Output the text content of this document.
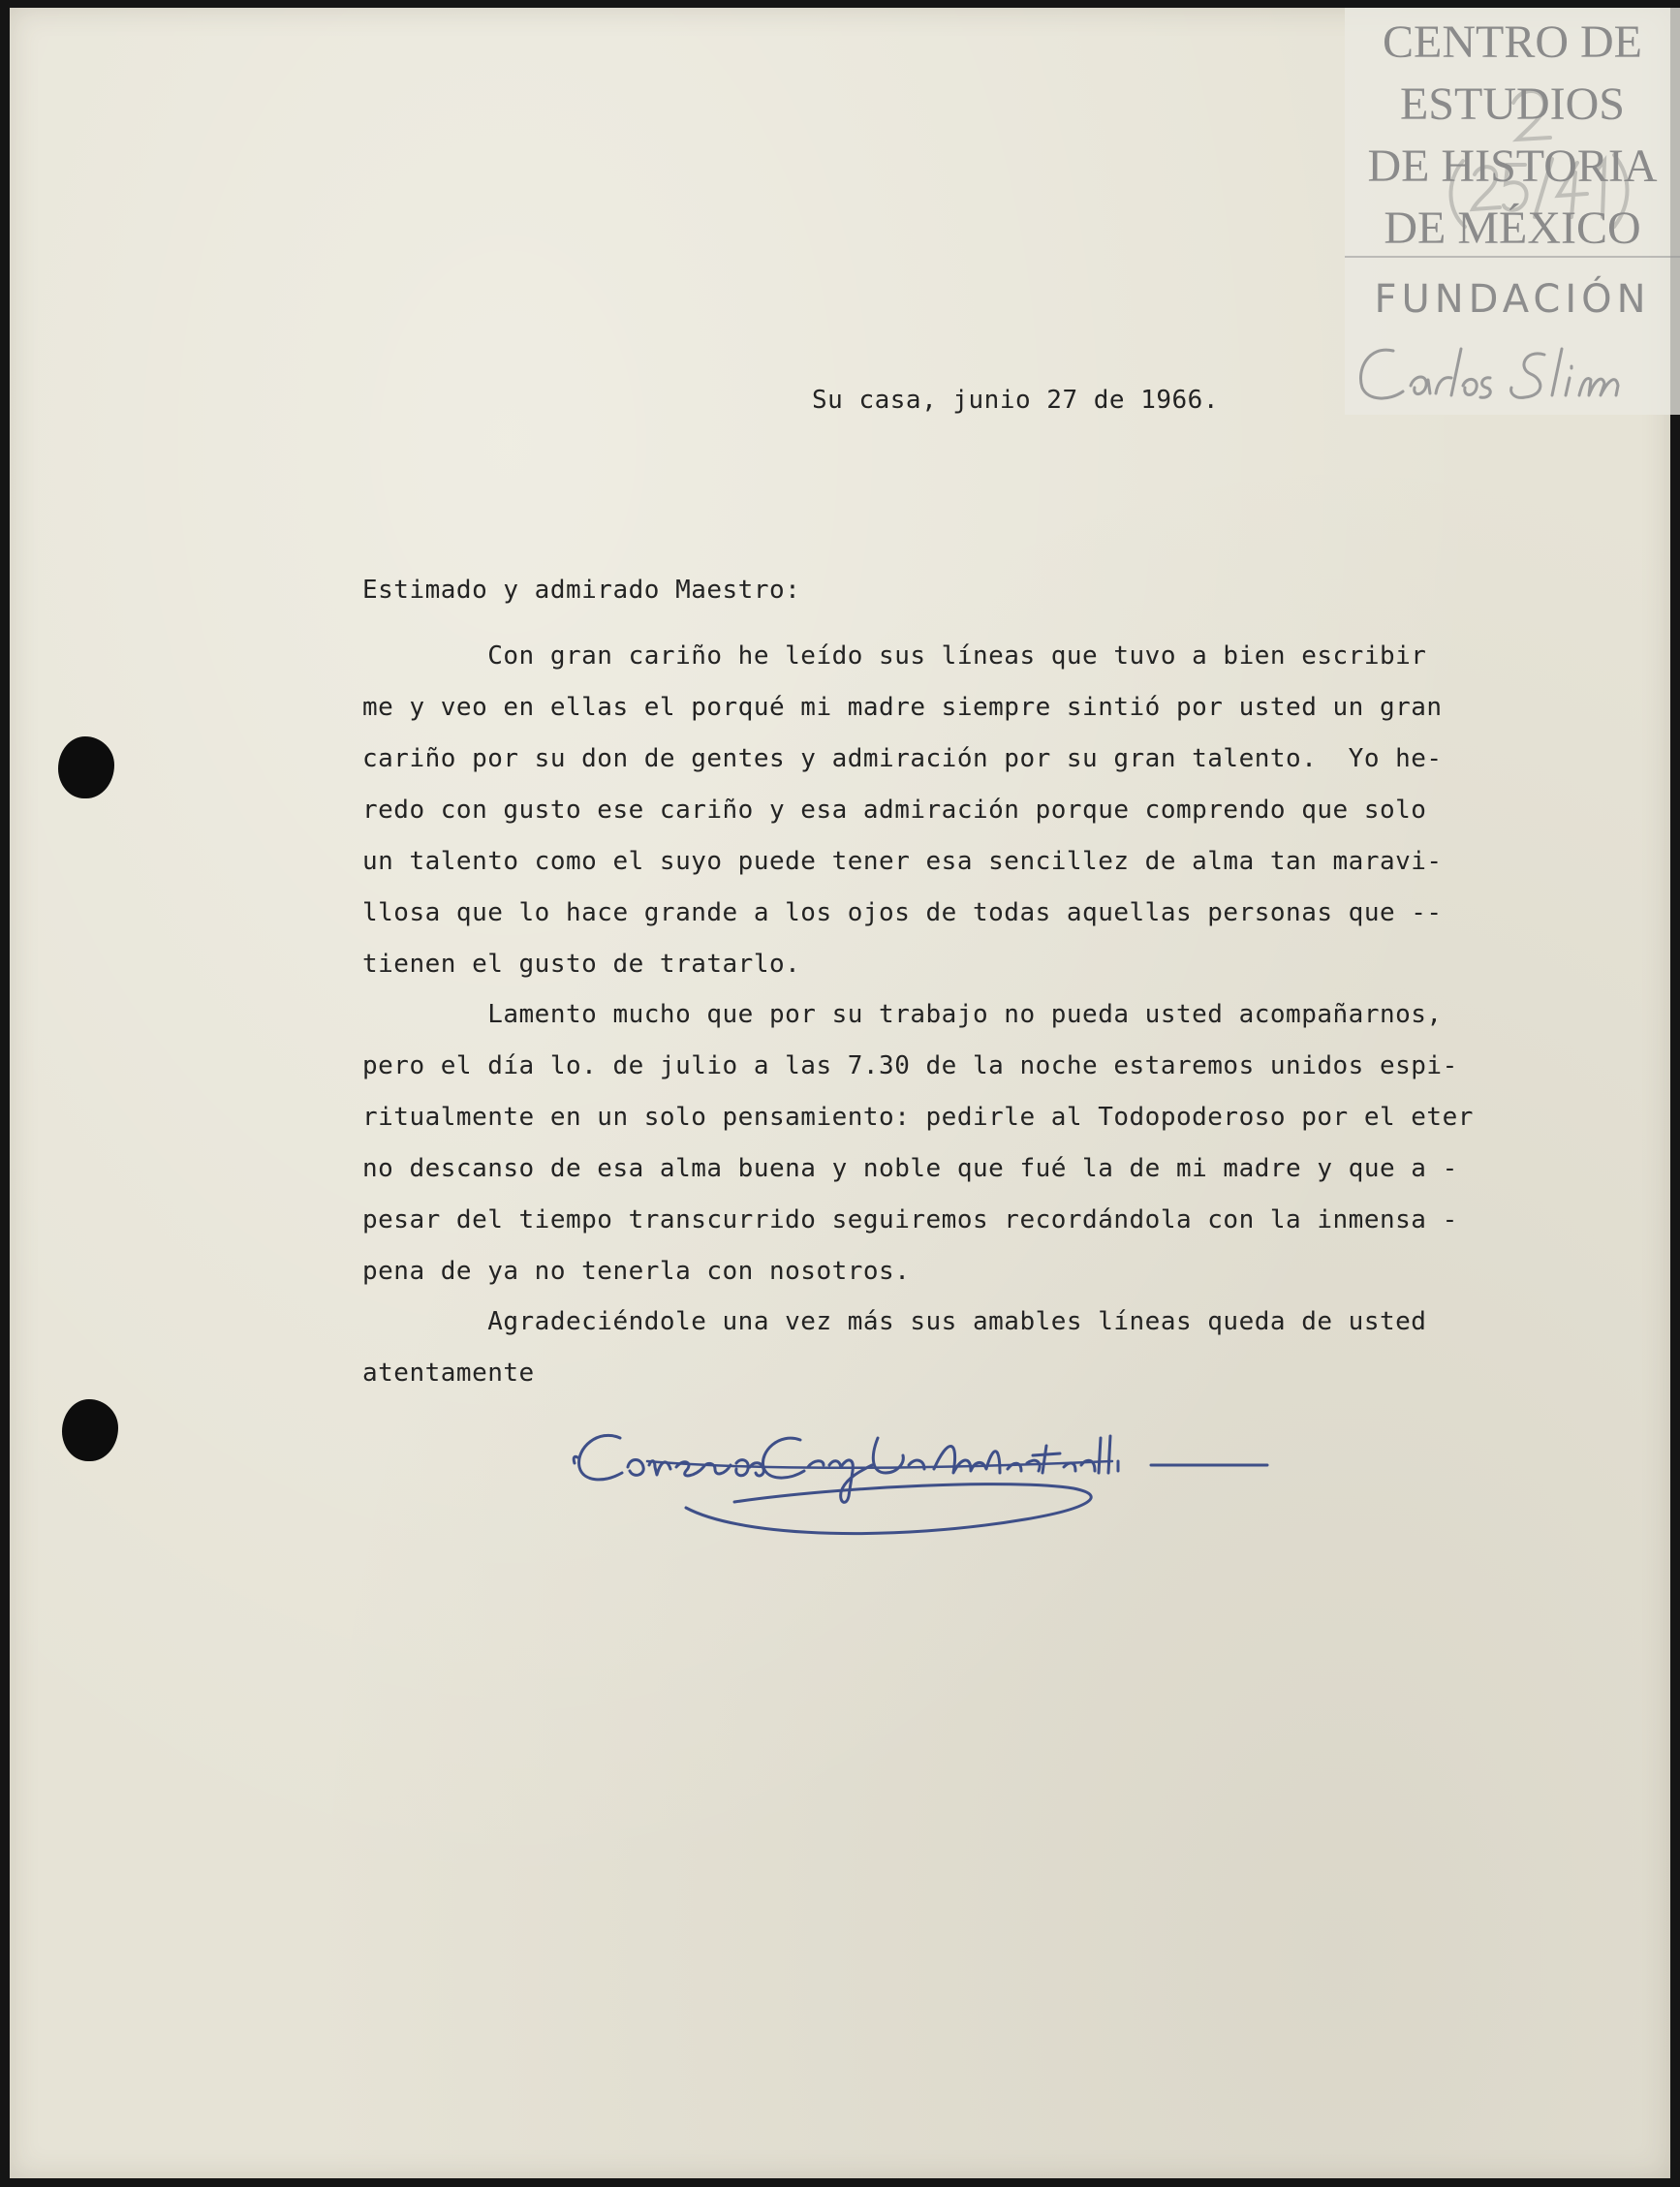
Su casa, junio 27 de 1966.
Estimado y admirado Maestro:
Con gran cariño he leído sus líneas que tuvo a bien escribir
me y veo en ellas el porqué mi madre siempre sintió por usted un gran
cariño por su don de gentes y admiración por su gran talento.  Yo he-
redo con gusto ese cariño y esa admiración porque comprendo que solo
un talento como el suyo puede tener esa sencillez de alma tan maravi-
llosa que lo hace grande a los ojos de todas aquellas personas que --
tienen el gusto de tratarlo.
Lamento mucho que por su trabajo no pueda usted acompañarnos,
pero el día lo. de julio a las 7.30 de la noche estaremos unidos espi-
ritualmente en un solo pensamiento: pedirle al Todopoderoso por el eter
no descanso de esa alma buena y noble que fué la de mi madre y que a -
pesar del tiempo transcurrido seguiremos recordándola con la inmensa -
pena de ya no tenerla con nosotros.
Agradeciéndole una vez más sus amables líneas queda de usted
atentamente
CENTRO DE
ESTUDIOS
DE HISTORIA
DE MÉXICO
FUNDACIÓN
